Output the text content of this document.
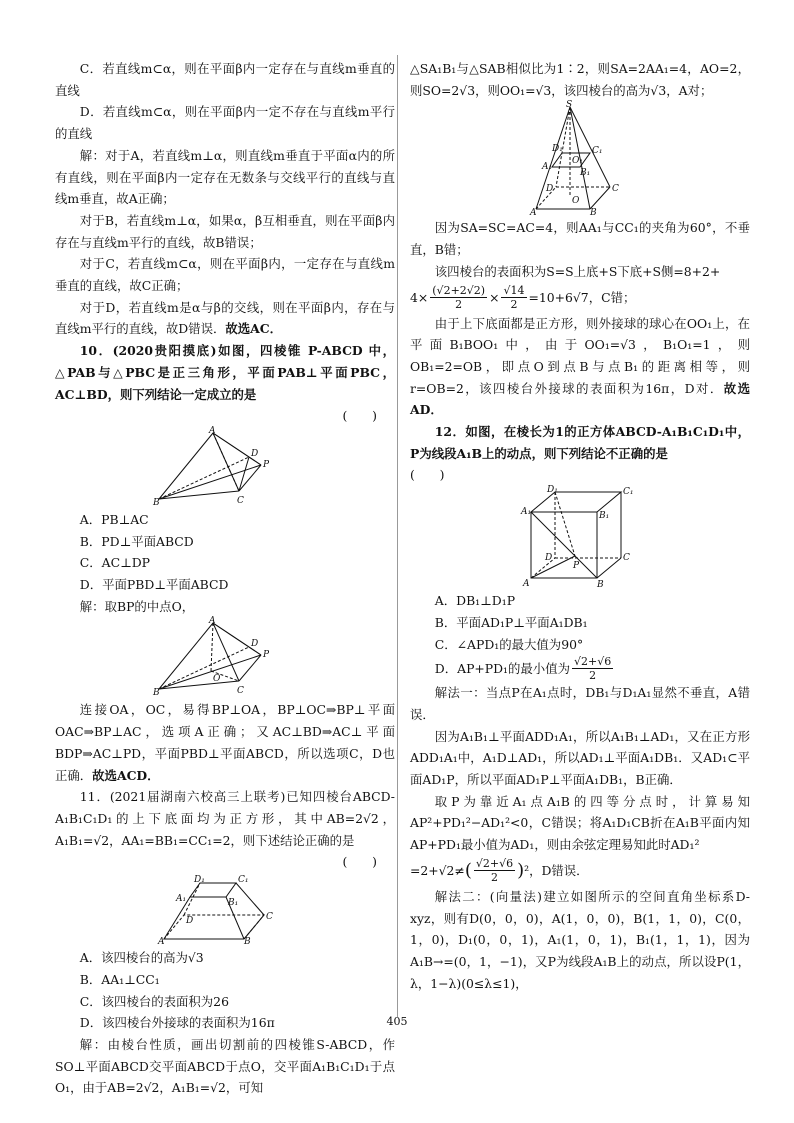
C．若直线m⊂α，则在平面β内一定存在与直线m垂直的直线

D．若直线m⊂α，则在平面β内一定不存在与直线m平行的直线

解：对于A，若直线m⊥α，则直线m垂直于平面α内的所有直线，则在平面β内一定存在无数条与交线平行的直线与直线m垂直，故A正确；

对于B，若直线m⊥α，如果α，β互相垂直，则在平面β内存在与直线m平行的直线，故B错误；

对于C，若直线m⊂α，则在平面β内，一定存在与直线m垂直的直线，故C正确；

对于D，若直线m是α与β的交线，则在平面β内，存在与直线m平行的直线，故D错误．故选AC．

10．(2020贵阳摸底)如图，四棱锥 P-ABCD 中，△PAB与△PBC是正三角形，平面PAB⊥平面PBC，AC⊥BD，则下列结论一定成立的是

(　　)
A
B	C
D
P

A．PB⊥AC

B．PD⊥平面ABCD

C．AC⊥DP

D．平面PBD⊥平面ABCD

解：取BP的中点O，

A
B	C
D
P
O

连接OA，OC，易得BP⊥OA，BP⊥OC⇒BP⊥平面OAC⇒BP⊥AC，选项A正确；又AC⊥BD⇒AC⊥平面BDP⇒AC⊥PD，平面PBD⊥平面ABCD，所以选项C，D也正确．故选ACD．

11．(2021届湖南六校高三上联考)已知四棱台ABCD-A₁B₁C₁D₁的上下底面均为正方形，其中AB=2√2，A₁B₁=√2，AA₁=BB₁=CC₁=2，则下述结论正确的是

(　　)
D₁	C₁
A₁	B₁
D	C
A	B

A．该四棱台的高为√3

B．AA₁⊥CC₁

C．该四棱台的表面积为26

D．该四棱台外接球的表面积为16π

解：由棱台性质，画出切割前的四棱锥S-ABCD，作SO⊥平面ABCD交平面ABCD于点O，交平面A₁B₁C₁D₁于点O₁，由于AB=2√2，A₁B₁=√2，可知

△SA₁B₁与△SAB相似比为1∶2，则SA=2AA₁=4，AO=2，则SO=2√3，则OO₁=√3，该四棱台的高为√3，A对；

S
D₁	C₁
A₁
B₁
O₁
D	C
O
A	B

因为SA=SC=AC=4，则AA₁与CC₁的夹角为60°，不垂直，B错；

该四棱台的表面积为S=S上底+S下底+S侧=8+2+

$4\times \frac{(√2+2√2)}{2} \times \frac{√14}{2} =10+6√7$，C错；

由于上下底面都是正方形，则外接球的球心在OO₁上，在平面B₁BOO₁中，由于OO₁=√3，B₁O₁=1，则OB₁=2=OB，即点O到点B与点B₁的距离相等，则r=OB=2，该四棱台外接球的表面积为16π，D对．故选AD．

12．如图，在棱长为1的正方体ABCD-A₁B₁C₁D₁中，P为线段A₁B上的动点，则下列结论不正确的是

(　　)
D₁	C₁
A₁	B₁
D	C
A	B
P

A．DB₁⊥D₁P

B．平面AD₁P⊥平面A₁DB₁

C．∠APD₁的最大值为90°

D．AP+PD₁的最小值为 $\frac{√2+√6}{2}$

解法一：当点P在A₁点时，DB₁与D₁A₁显然不垂直，A错误．

因为A₁B₁⊥平面ADD₁A₁，所以A₁B₁⊥AD₁，又在正方形ADD₁A₁中，A₁D⊥AD₁，所以AD₁⊥平面A₁DB₁．又AD₁⊂平面AD₁P，所以平面AD₁P⊥平面A₁DB₁，B正确．

取P为靠近A₁点A₁B的四等分点时，计算易知AP²+PD₁²−AD₁²<0，C错误；将A₁D₁CB折在A₁B平面内知AP+PD₁最小值为AD₁，则由余弦定理易知此时AD₁²

=2+√2≠ ( $\frac{√2+√6}{2}$ ) ²，D错误．

解法二：(向量法)建立如图所示的空间直角坐标系D-xyz，则有D(0，0，0)，A(1，0，0)，B(1，1，0)，C(0，1，0)，D₁(0，0，1)，A₁(1，0，1)，B₁(1，1，1)，因为A₁B→=(0，1，−1)，又P为线段A₁B上的动点，所以设P(1，λ，1−λ)(0≤λ≤1)，

405
